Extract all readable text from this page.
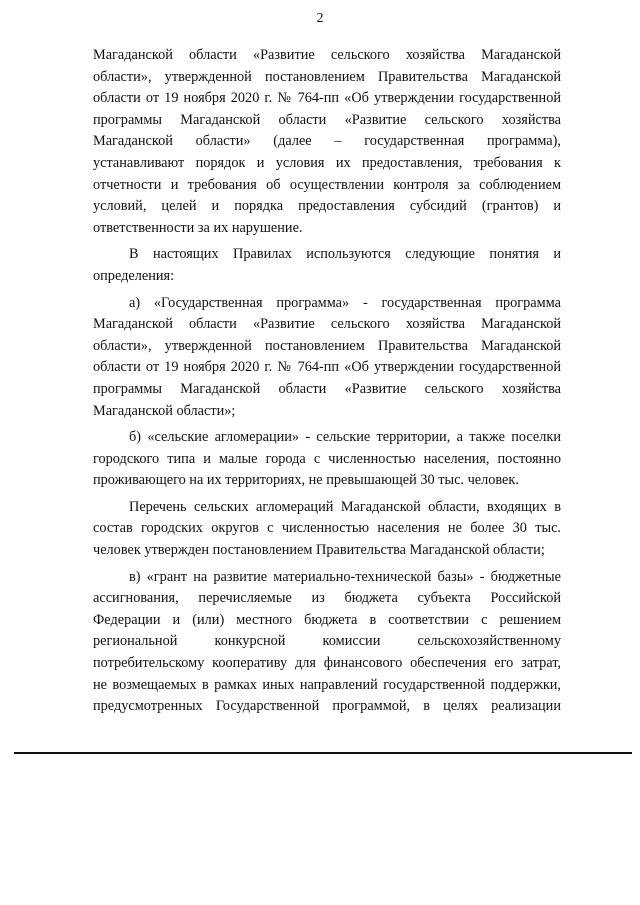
2
Магаданской области «Развитие сельского хозяйства Магаданской
области», утвержденной постановлением Правительства Магаданской
области от 19 ноября 2020 г. № 764-пп «Об утверждении государственной
программы Магаданской области «Развитие сельского хозяйства
Магаданской области» (далее – государственная программа),
устанавливают порядок и условия их предоставления, требования к
отчетности и требования об осуществлении контроля за соблюдением
условий, целей и порядка предоставления субсидий (грантов) и
ответственности за их нарушение.
В настоящих Правилах используются следующие понятия и
определения:
а) «Государственная программа» - государственная программа
Магаданской области «Развитие сельского хозяйства Магаданской
области», утвержденной постановлением Правительства Магаданской
области от 19 ноября 2020 г. № 764-пп «Об утверждении государственной
программы Магаданской области «Развитие сельского хозяйства
Магаданской области»;
б) «сельские агломерации» - сельские территории, а также поселки
городского типа и малые города с численностью населения, постоянно
проживающего на их территориях, не превышающей 30 тыс. человек.
Перечень сельских агломераций Магаданской области, входящих в
состав городских округов с численностью населения не более 30 тыс.
человек утвержден постановлением Правительства Магаданской области;
в) «грант на развитие материально-технической базы» - бюджетные
ассигнования, перечисляемые из бюджета субъекта Российской
Федерации и (или) местного бюджета в соответствии с решением
региональной конкурсной комиссии сельскохозяйственному
потребительскому кооперативу для финансового обеспечения его затрат,
не возмещаемых в рамках иных направлений государственной поддержки,
предусмотренных Государственной программой, в целях реализации
